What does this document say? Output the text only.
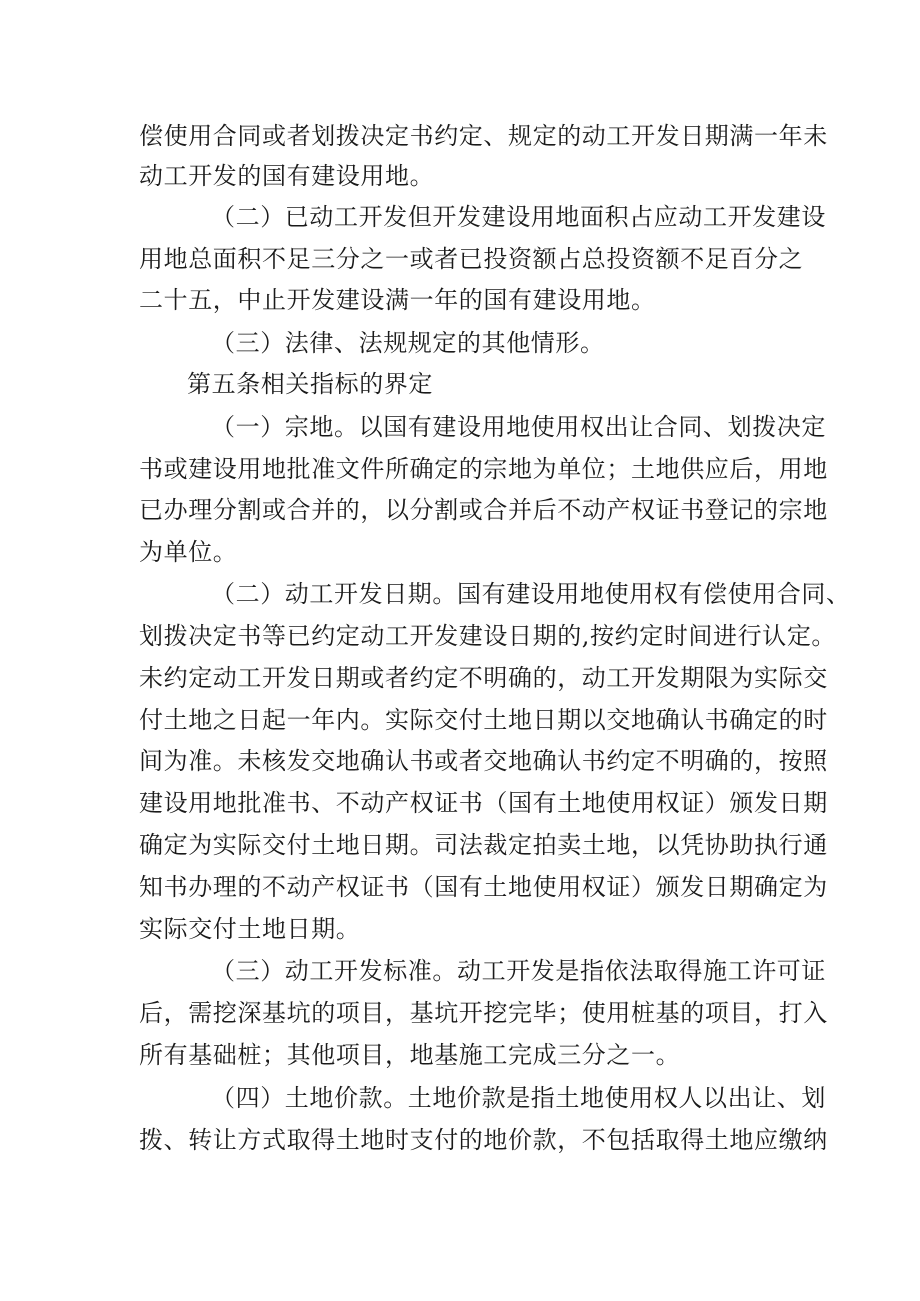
偿使用合同或者划拨决定书约定、规定的动工开发日期满一年未
动工开发的国有建设用地。
（二）已动工开发但开发建设用地面积占应动工开发建设
用地总面积不足三分之一或者已投资额占总投资额不足百分之
二十五，中止开发建设满一年的国有建设用地。
（三）法律、法规规定的其他情形。
第五条相关指标的界定
（一）宗地。以国有建设用地使用权出让合同、划拨决定
书或建设用地批准文件所确定的宗地为单位；土地供应后，用地
已办理分割或合并的，以分割或合并后不动产权证书登记的宗地
为单位。
（二）动工开发日期。国有建设用地使用权有偿使用合同、
划拨决定书等已约定动工开发建设日期的,按约定时间进行认定。
未约定动工开发日期或者约定不明确的，动工开发期限为实际交
付土地之日起一年内。实际交付土地日期以交地确认书确定的时
间为准。未核发交地确认书或者交地确认书约定不明确的，按照
建设用地批准书、不动产权证书（国有土地使用权证）颁发日期
确定为实际交付土地日期。司法裁定拍卖土地，以凭协助执行通
知书办理的不动产权证书（国有土地使用权证）颁发日期确定为
实际交付土地日期。
（三）动工开发标准。动工开发是指依法取得施工许可证
后，需挖深基坑的项目，基坑开挖完毕；使用桩基的项目，打入
所有基础桩；其他项目，地基施工完成三分之一。
（四）土地价款。土地价款是指土地使用权人以出让、划
拨、转让方式取得土地时支付的地价款，不包括取得土地应缴纳
